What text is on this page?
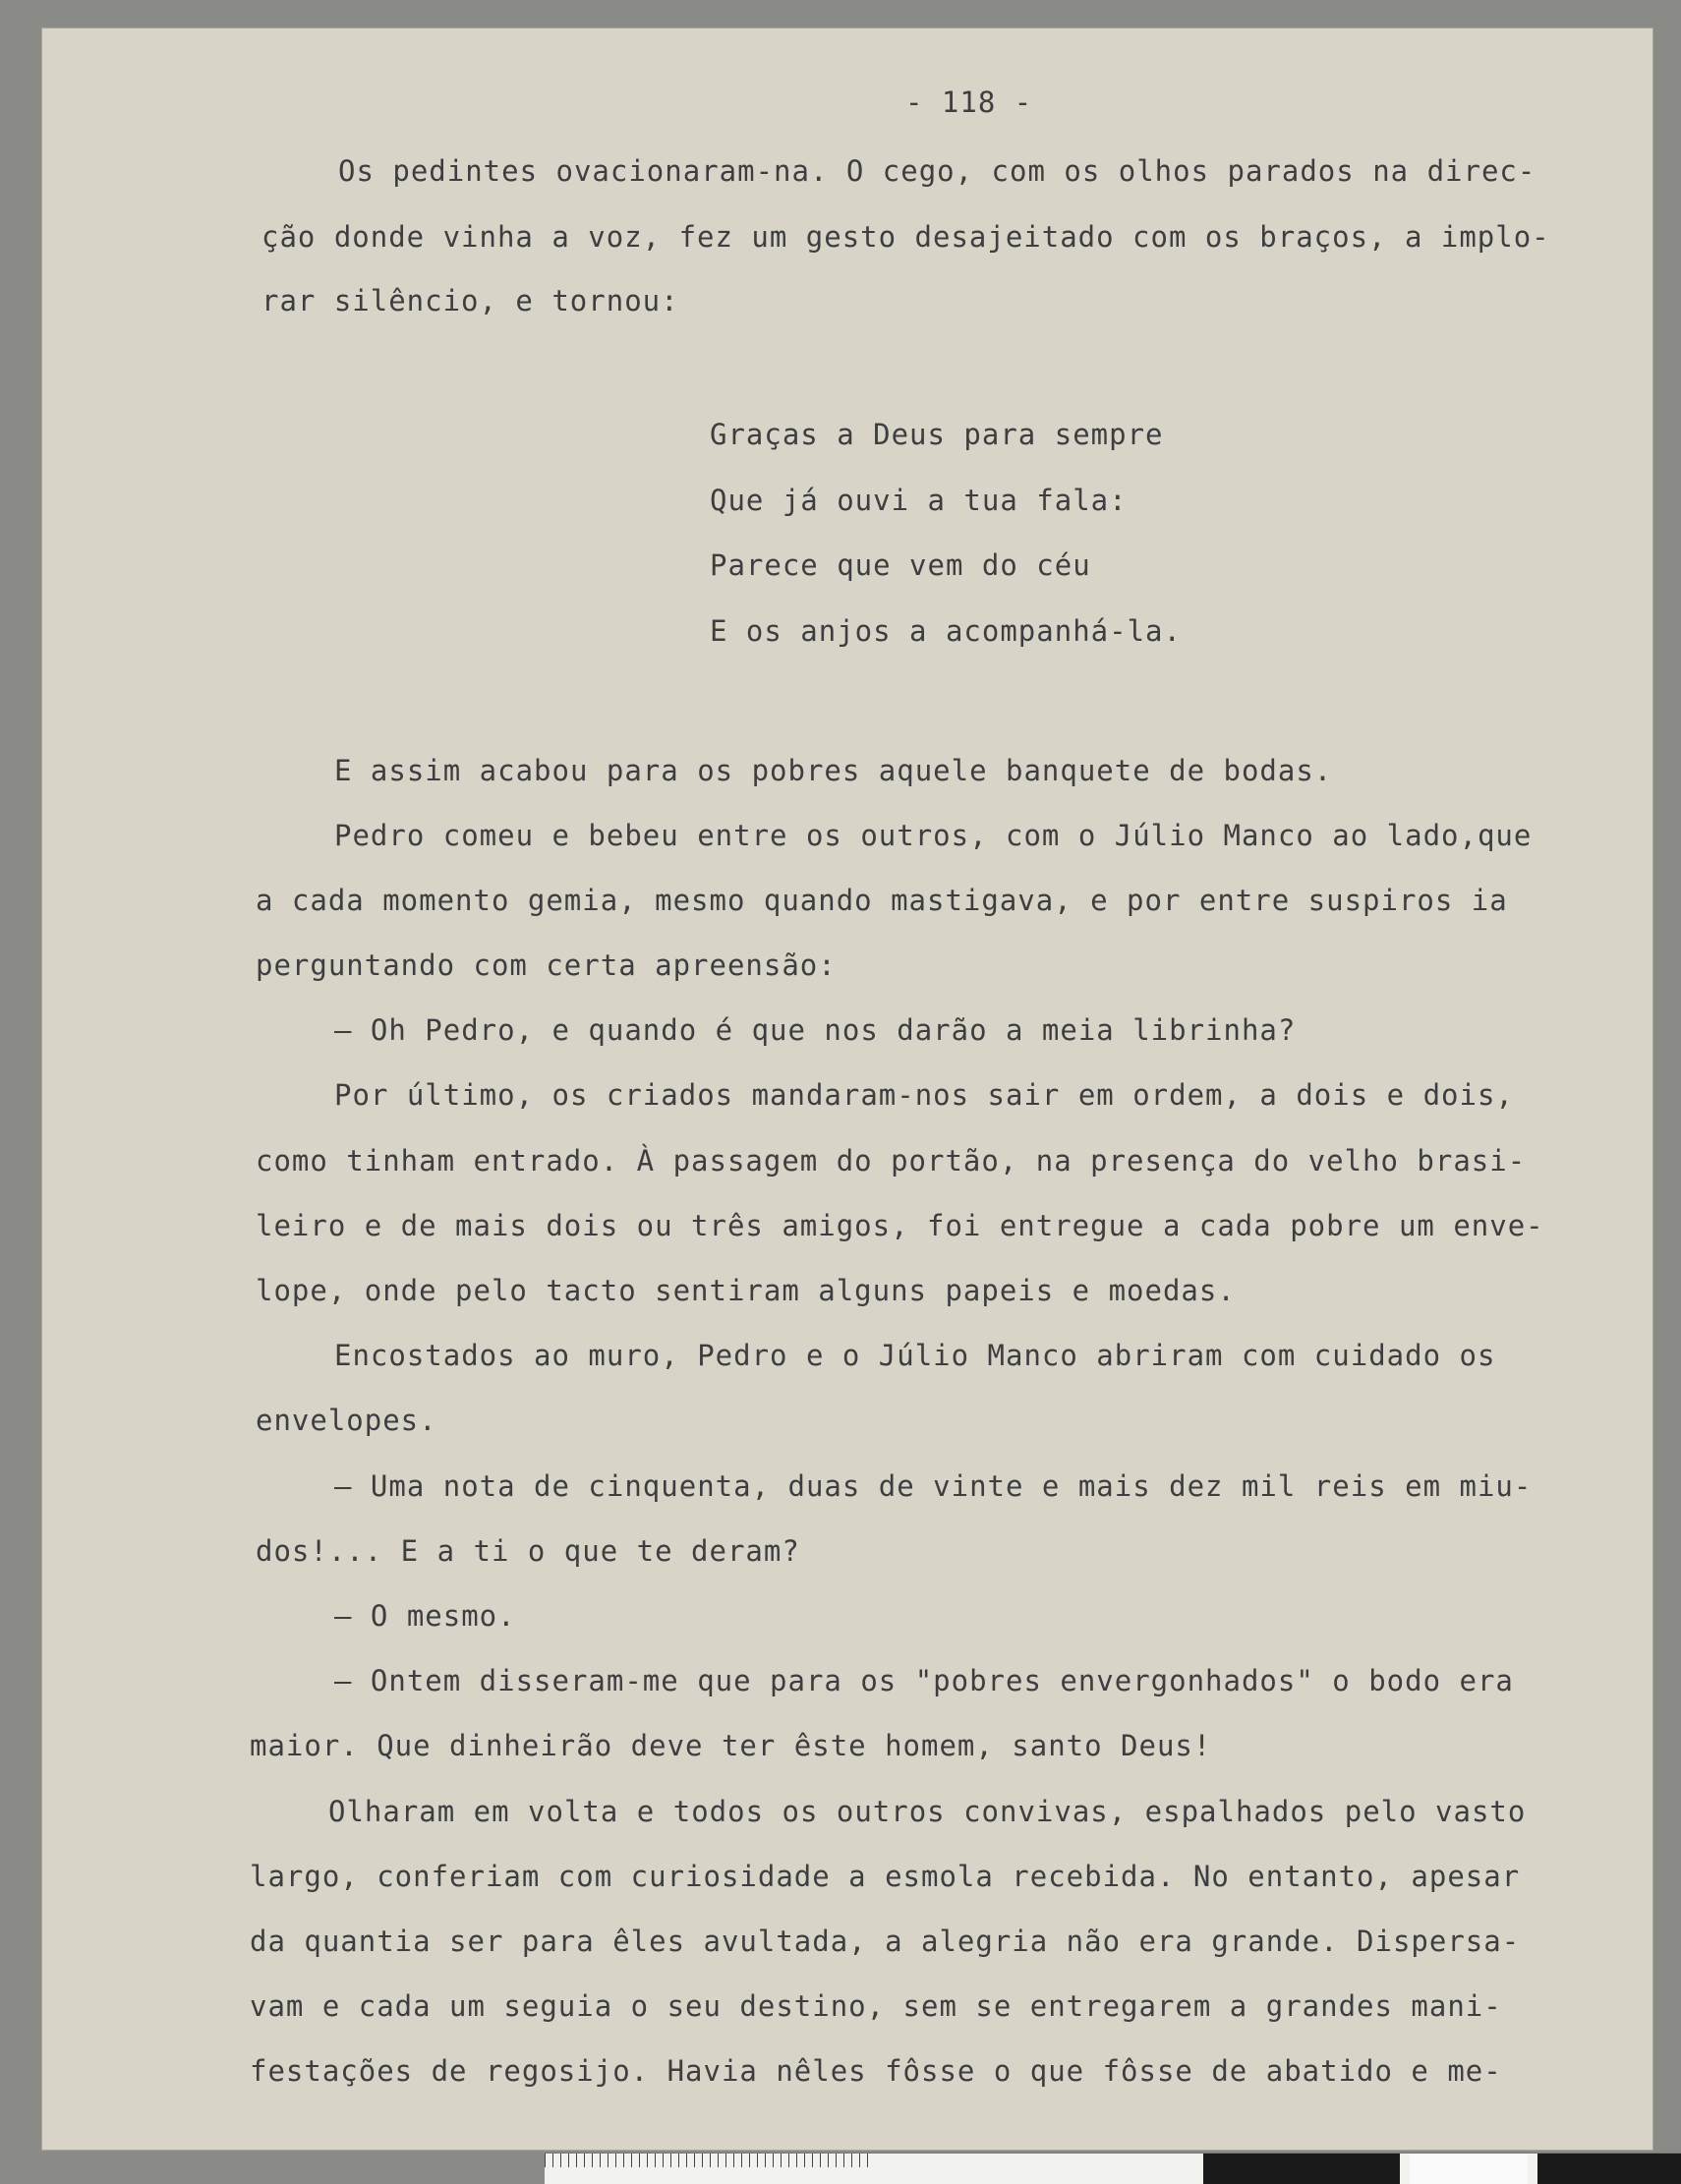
- 118 -
Os pedintes ovacionaram-na. O cego, com os olhos parados na direc-
ção donde vinha a voz, fez um gesto desajeitado com os braços, a implo-
rar silêncio, e tornou:
Graças a Deus para sempre
Que já ouvi a tua fala:
Parece que vem do céu
E os anjos a acompanhá-la.
E assim acabou para os pobres aquele banquete de bodas.
Pedro comeu e bebeu entre os outros, com o Júlio Manco ao lado,que
a cada momento gemia, mesmo quando mastigava, e por entre suspiros ia
perguntando com certa apreensão:
— Oh Pedro, e quando é que nos darão a meia librinha?
Por último, os criados mandaram-nos sair em ordem, a dois e dois,
como tinham entrado. À passagem do portão, na presença do velho brasi-
leiro e de mais dois ou três amigos, foi entregue a cada pobre um enve-
lope, onde pelo tacto sentiram alguns papeis e moedas.
Encostados ao muro, Pedro e o Júlio Manco abriram com cuidado os
envelopes.
— Uma nota de cinquenta, duas de vinte e mais dez mil reis em miu-
dos!... E a ti o que te deram?
— O mesmo.
— Ontem disseram-me que para os "pobres envergonhados" o bodo era
maior. Que dinheirão deve ter êste homem, santo Deus!
Olharam em volta e todos os outros convivas, espalhados pelo vasto
largo, conferiam com curiosidade a esmola recebida. No entanto, apesar
da quantia ser para êles avultada, a alegria não era grande. Dispersa-
vam e cada um seguia o seu destino, sem se entregarem a grandes mani-
festações de regosijo. Havia nêles fôsse o que fôsse de abatido e me-
